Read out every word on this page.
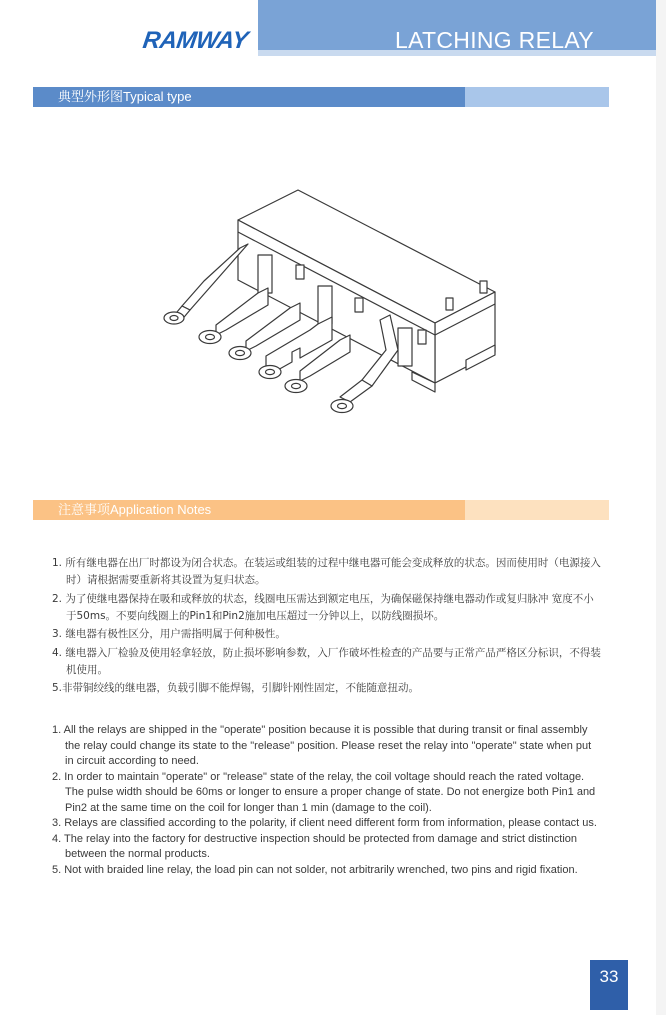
RAMWAY	LATCHING RELAY
典型外形图Typical type
注意事项Application Notes
1. 所有继电器在出厂时都设为闭合状态。在装运或组装的过程中继电器可能会变成释放的状态。因而使用时（电源接入时）请根据需要重新将其设置为复归状态。
2. 为了使继电器保持在吸和或释放的状态，线圈电压需达到额定电压，为确保磁保持继电器动作或复归脉冲 宽度不小于50ms。不要向线圈上的Pin1和Pin2施加电压超过一分钟以上，以防线圈损坏。
3. 继电器有极性区分，用户需指明属于何种极性。
4. 继电器入厂检验及使用轻拿轻放，防止损坏影响参数，入厂作破坏性检查的产品要与正常产品严格区分标识，不得装机使用。
5.非带铜绞线的继电器，负载引脚不能焊锡，引脚针刚性固定，不能随意扭动。
1. All the relays are shipped in the "operate" position because it is possible that during transit or final assembly the relay could change its state to the "release" position. Please reset the relay into "operate" state when put in circuit according to need.
2. In order to maintain "operate" or "release" state of the relay, the coil voltage should reach the rated voltage. The pulse width should be 60ms or longer to ensure a proper change of state. Do not energize both Pin1 and Pin2 at the same time on the coil for longer than 1 min (damage to the coil).
3. Relays are classified according to the polarity, if client need different form from information, please contact us.
4. The relay into the factory for destructive inspection should be protected from damage and strict distinction between the normal products.
5. Not with braided line relay, the load pin can not solder, not arbitrarily wrenched, two pins and rigid fixation.
33
